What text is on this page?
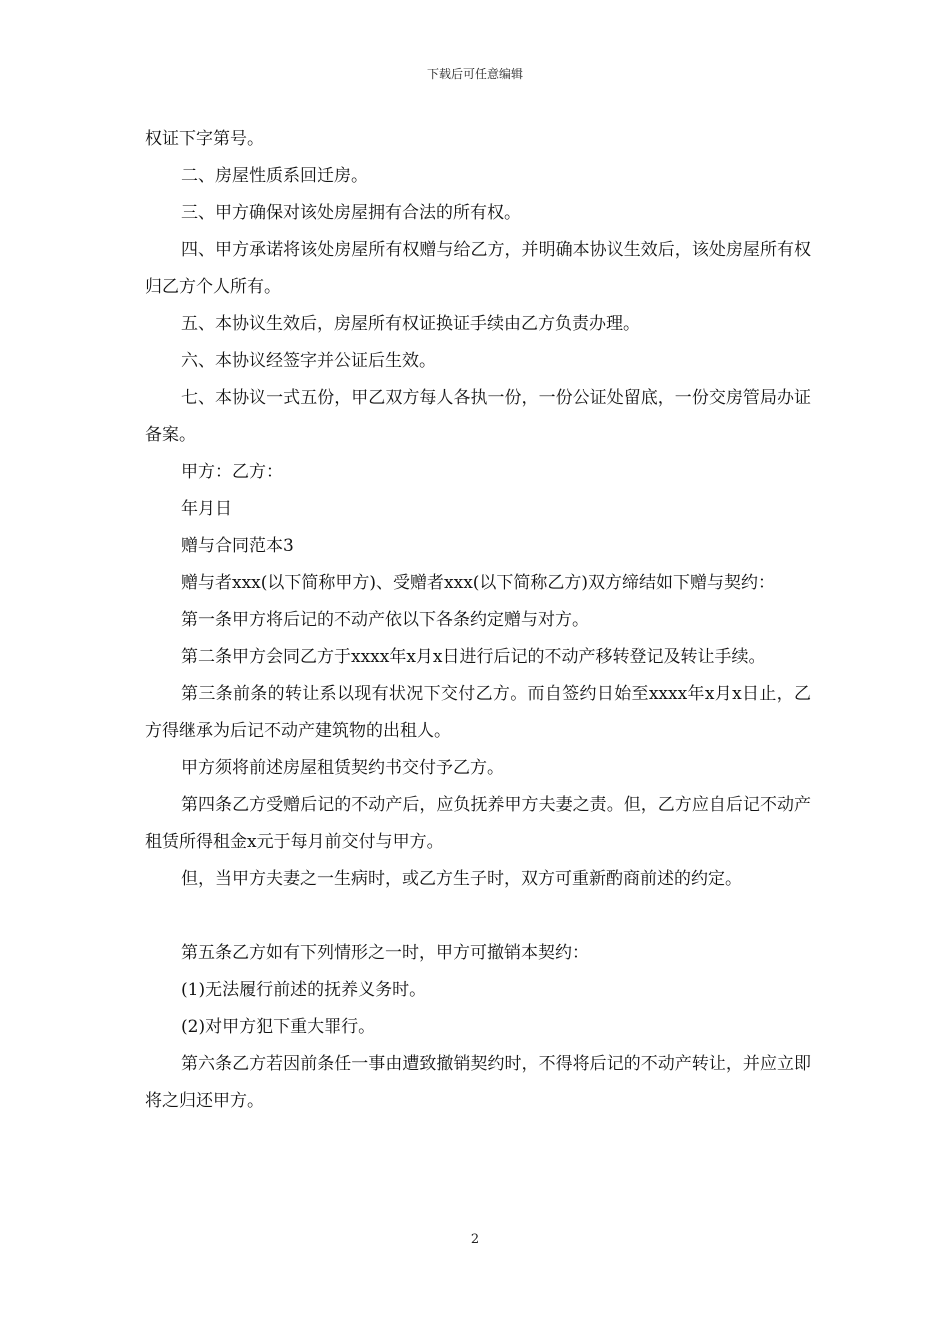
下载后可任意编辑

权证下字第号。

二、房屋性质系回迁房。

三、甲方确保对该处房屋拥有合法的所有权。

四、甲方承诺将该处房屋所有权赠与给乙方，并明确本协议生效后，该处房屋所有权归乙方个人所有。

五、本协议生效后，房屋所有权证换证手续由乙方负责办理。

六、本协议经签字并公证后生效。

七、本协议一式五份，甲乙双方每人各执一份，一份公证处留底，一份交房管局办证备案。

甲方：乙方：

年月日

赠与合同范本3

赠与者xxx(以下简称甲方)、受赠者xxx(以下简称乙方)双方缔结如下赠与契约：

第一条甲方将后记的不动产依以下各条约定赠与对方。

第二条甲方会同乙方于xxxx年x月x日进行后记的不动产移转登记及转让手续。

第三条前条的转让系以现有状况下交付乙方。而自签约日始至xxxx年x月x日止，乙方得继承为后记不动产建筑物的出租人。

甲方须将前述房屋租赁契约书交付予乙方。

第四条乙方受赠后记的不动产后，应负抚养甲方夫妻之责。但，乙方应自后记不动产租赁所得租金x元于每月前交付与甲方。

但，当甲方夫妻之一生病时，或乙方生子时，双方可重新酌商前述的约定。

第五条乙方如有下列情形之一时，甲方可撤销本契约：

(1)无法履行前述的抚养义务时。

(2)对甲方犯下重大罪行。

第六条乙方若因前条任一事由遭致撤销契约时，不得将后记的不动产转让，并应立即将之归还甲方。

2
